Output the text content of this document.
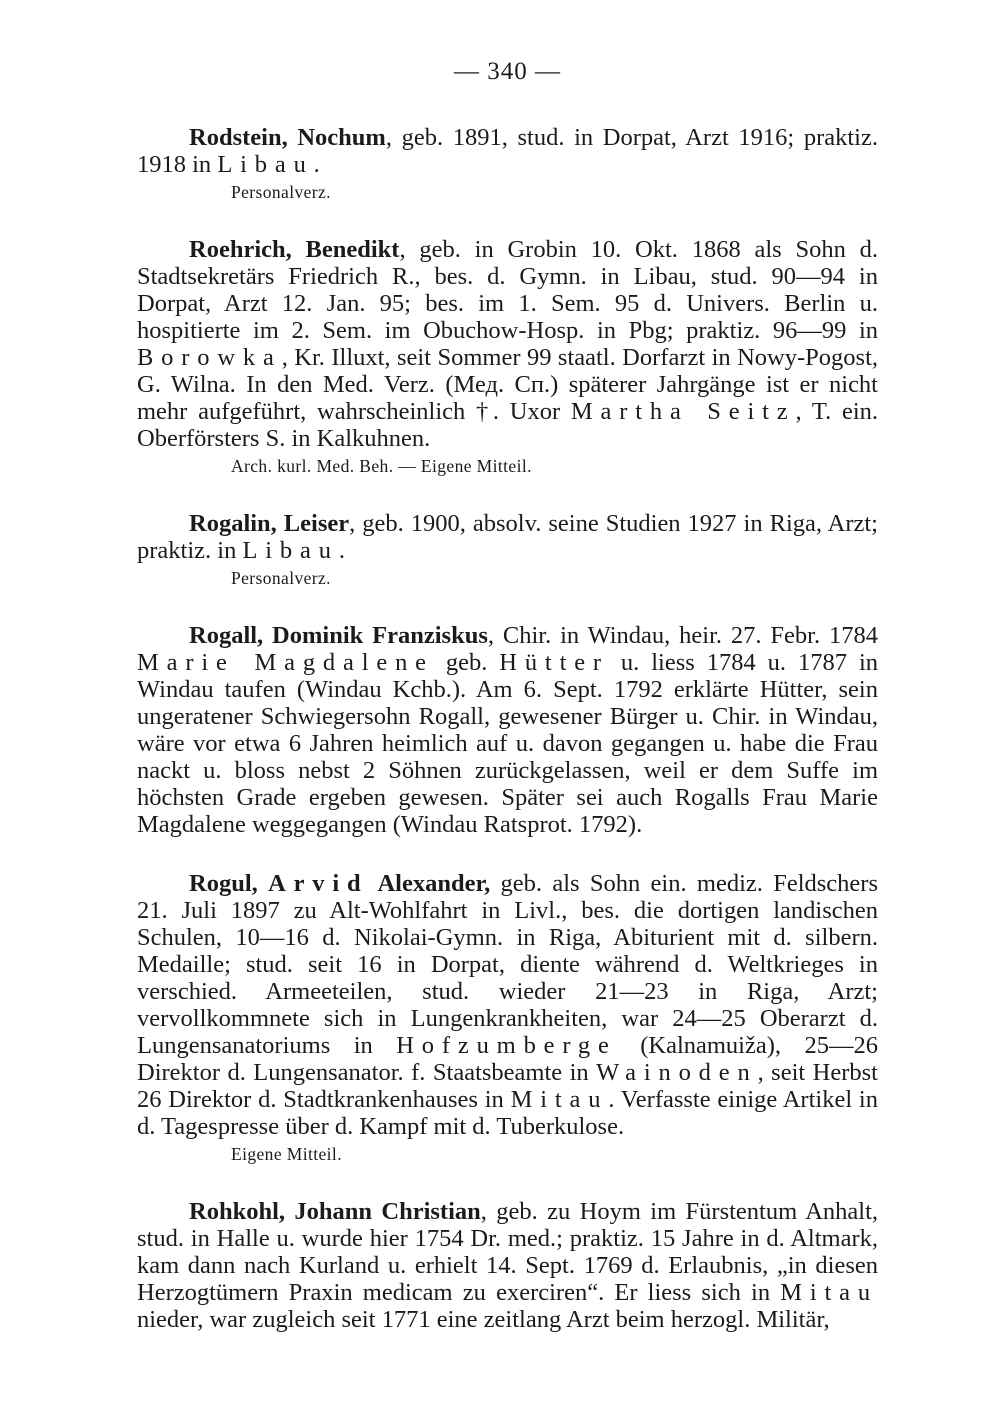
— 340 —

Rodstein, Nochum, geb. 1891, stud. in Dorpat, Arzt 1916; praktiz. 1918 in Libau.

Personalverz.

Roehrich, Benedikt, geb. in Grobin 10. Okt. 1868 als Sohn d. Stadtsekretärs Friedrich R., bes. d. Gymn. in Libau, stud. 90—94 in Dorpat, Arzt 12. Jan. 95; bes. im 1. Sem. 95 d. Univers. Berlin u. hospitierte im 2. Sem. im Obuchow-Hosp. in Pbg; praktiz. 96—99 in Borowka, Kr. Illuxt, seit Sommer 99 staatl. Dorfarzt in Nowy-Pogost, G. Wilna. In den Med. Verz. (Мед. Сп.) späterer Jahrgänge ist er nicht mehr aufgeführt, wahrscheinlich †. Uxor Martha Seitz, T. ein. Oberförsters S. in Kalkuhnen.

Arch. kurl. Med. Beh. — Eigene Mitteil.

Rogalin, Leiser, geb. 1900, absolv. seine Studien 1927 in Riga, Arzt; praktiz. in Libau.

Personalverz.

Rogall, Dominik Franziskus, Chir. in Windau, heir. 27. Febr. 1784 Marie Magdalene geb. Hütter u. liess 1784 u. 1787 in Windau taufen (Windau Kchb.). Am 6. Sept. 1792 erklärte Hütter, sein ungeratener Schwiegersohn Rogall, gewesener Bürger u. Chir. in Windau, wäre vor etwa 6 Jahren heimlich auf u. davon gegangen u. habe die Frau nackt u. bloss nebst 2 Söhnen zurückgelassen, weil er dem Suffe im höchsten Grade ergeben gewesen. Später sei auch Rogalls Frau Marie Magdalene weggegangen (Windau Ratsprot. 1792).

Rogul, Arvid Alexander, geb. als Sohn ein. mediz. Feldschers 21. Juli 1897 zu Alt-Wohlfahrt in Livl., bes. die dortigen landischen Schulen, 10—16 d. Nikolai-Gymn. in Riga, Abiturient mit d. silbern. Medaille; stud. seit 16 in Dorpat, diente während d. Weltkrieges in verschied. Armeeteilen, stud. wieder 21—23 in Riga, Arzt; vervollkommnete sich in Lungenkrankheiten, war 24—25 Oberarzt d. Lungensanatoriums in Hofzumberge (Kalnamuiža), 25—26 Direktor d. Lungensanator. f. Staatsbeamte in Wainoden, seit Herbst 26 Direktor d. Stadtkrankenhauses in Mitau. Verfasste einige Artikel in d. Tagespresse über d. Kampf mit d. Tuberkulose.

Eigene Mitteil.

Rohkohl, Johann Christian, geb. zu Hoym im Fürstentum Anhalt, stud. in Halle u. wurde hier 1754 Dr. med.; praktiz. 15 Jahre in d. Altmark, kam dann nach Kurland u. erhielt 14. Sept. 1769 d. Erlaubnis, „in diesen Herzogtümern Praxin medicam zu exerciren“. Er liess sich in Mitau nieder, war zugleich seit 1771 eine zeitlang Arzt beim herzogl. Militär,
